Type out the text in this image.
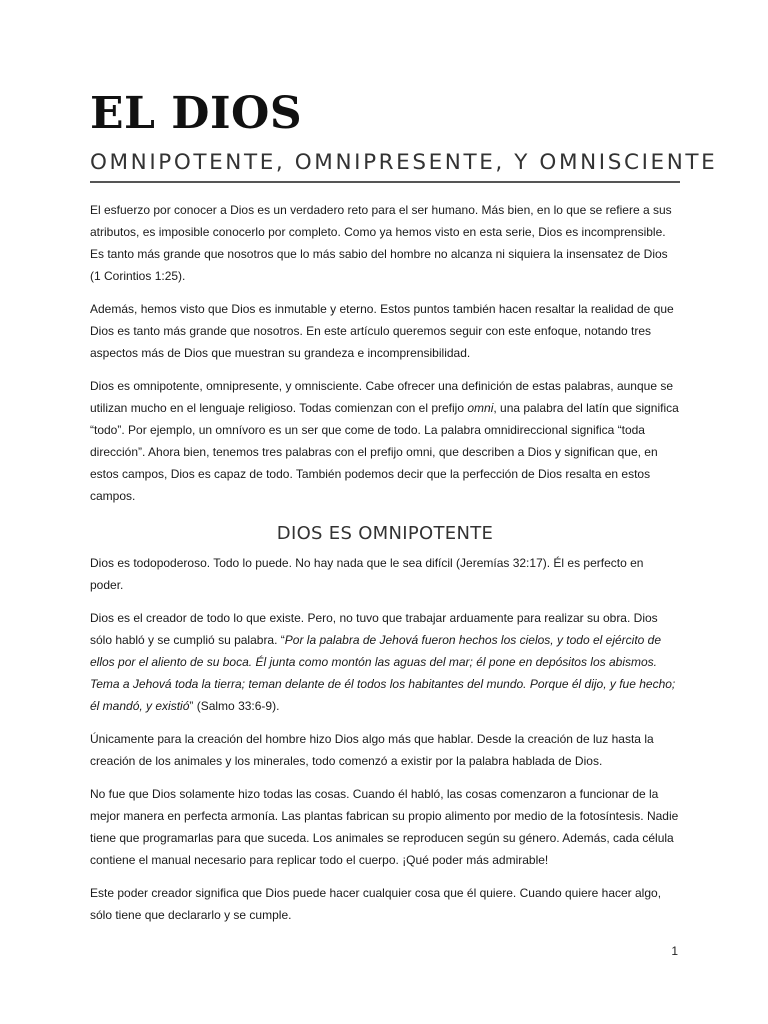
EL DIOS
OMNIPOTENTE, OMNIPRESENTE, Y OMNISCIENTE

El esfuerzo por conocer a Dios es un verdadero reto para el ser humano. Más bien, en lo que se refiere a sus atributos, es imposible conocerlo por completo. Como ya hemos visto en esta serie, Dios es incomprensible. Es tanto más grande que nosotros que lo más sabio del hombre no alcanza ni siquiera la insensatez de Dios (1 Corintios 1:25).

Además, hemos visto que Dios es inmutable y eterno. Estos puntos también hacen resaltar la realidad de que Dios es tanto más grande que nosotros. En este artículo queremos seguir con este enfoque, notando tres aspectos más de Dios que muestran su grandeza e incomprensibilidad.

Dios es omnipotente, omnipresente, y omnisciente. Cabe ofrecer una definición de estas palabras, aunque se utilizan mucho en el lenguaje religioso. Todas comienzan con el prefijo omni, una palabra del latín que significa “todo”. Por ejemplo, un omnívoro es un ser que come de todo. La palabra omnidireccional significa “toda dirección”. Ahora bien, tenemos tres palabras con el prefijo omni, que describen a Dios y significan que, en estos campos, Dios es capaz de todo. También podemos decir que la perfección de Dios resalta en estos campos.

DIOS ES OMNIPOTENTE

Dios es todopoderoso. Todo lo puede. No hay nada que le sea difícil (Jeremías 32:17). Él es perfecto en poder.

Dios es el creador de todo lo que existe. Pero, no tuvo que trabajar arduamente para realizar su obra. Dios sólo habló y se cumplió su palabra. “Por la palabra de Jehová fueron hechos los cielos, y todo el ejército de ellos por el aliento de su boca. Él junta como montón las aguas del mar; él pone en depósitos los abismos. Tema a Jehová toda la tierra; teman delante de él todos los habitantes del mundo. Porque él dijo, y fue hecho; él mandó, y existió” (Salmo 33:6-9).

Únicamente para la creación del hombre hizo Dios algo más que hablar. Desde la creación de luz hasta la creación de los animales y los minerales, todo comenzó a existir por la palabra hablada de Dios.

No fue que Dios solamente hizo todas las cosas. Cuando él habló, las cosas comenzaron a funcionar de la mejor manera en perfecta armonía. Las plantas fabrican su propio alimento por medio de la fotosíntesis. Nadie tiene que programarlas para que suceda. Los animales se reproducen según su género. Además, cada célula contiene el manual necesario para replicar todo el cuerpo. ¡Qué poder más admirable!

Este poder creador significa que Dios puede hacer cualquier cosa que él quiere. Cuando quiere hacer algo, sólo tiene que declararlo y se cumple.

1
